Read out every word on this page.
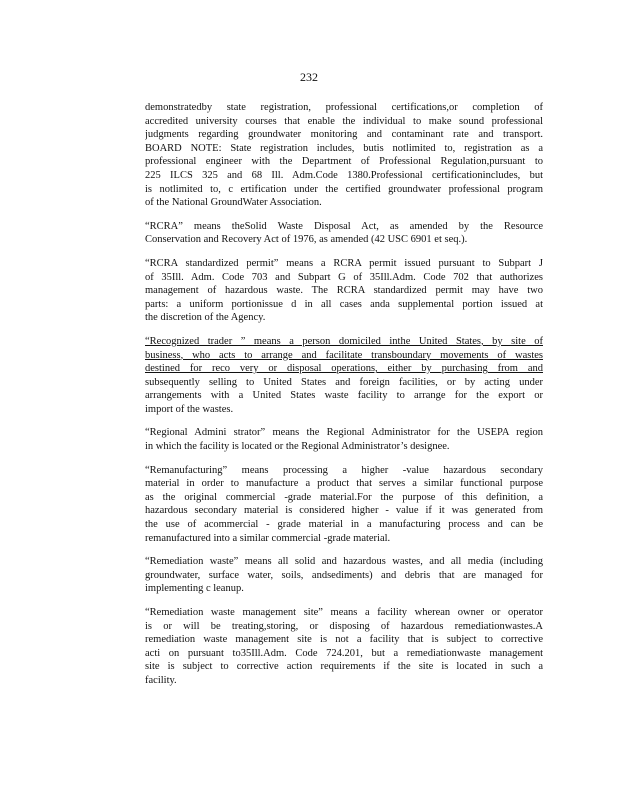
232
demonstratedby state registration, professional certifications,or completion of
accredited university courses that enable the individual to make sound professional
judgments regarding groundwater monitoring and contaminant rate and transport.
BOARD NOTE: State registration includes, butis notlimited to, registration as a
professional engineer with the Department of Professional Regulation,pursuant to
225 ILCS 325 and 68 Ill. Adm.Code 1380.Professional certificationincludes, but
is notlimited to, c ertification under the certified groundwater professional program
of the National GroundWater Association.
“RCRA” means theSolid Waste Disposal Act, as amended by the Resource
Conservation and Recovery Act of 1976, as amended (42 USC 6901 et seq.).
“RCRA standardized permit” means a RCRA permit issued pursuant to Subpart J
of 35Ill. Adm. Code 703 and Subpart G of 35Ill.Adm. Code 702 that authorizes
management of hazardous waste. The RCRA standardized permit may have two
parts: a uniform portionissue d in all cases anda supplemental portion issued at
the discretion of the Agency.
“Recognized trader ” means a person domiciled inthe United States, by site of
business, who acts to arrange and facilitate transboundary movements of wastes
destined for reco very or disposal operations, either by purchasing from and
subsequently selling to United States and foreign facilities, or by acting under
arrangements with a United States waste facility to arrange for the export or
import of the wastes.
“Regional Admini strator” means the Regional Administrator for the USEPA region
in which the facility is located or the Regional Administrator’s designee.
“Remanufacturing” means processing a higher -value hazardous secondary
material in order to manufacture a product that serves a similar functional purpose
as the original commercial -grade material.For the purpose of this definition, a
hazardous secondary material is considered higher - value if it was generated from
the use of acommercial - grade material in a manufacturing process and can be
remanufactured into a similar commercial -grade material.
“Remediation waste” means all solid and hazardous wastes, and all media (including
groundwater, surface water, soils, andsediments) and debris that are managed for
implementing c leanup.
“Remediation waste management site” means a facility wherean owner or operator
is or will be treating,storing, or disposing of hazardous remediationwastes.A
remediation waste management site is not a facility that is subject to corrective
acti on pursuant to35Ill.Adm. Code 724.201, but a remediationwaste management
site is subject to corrective action requirements if the site is located in such a
facility.
